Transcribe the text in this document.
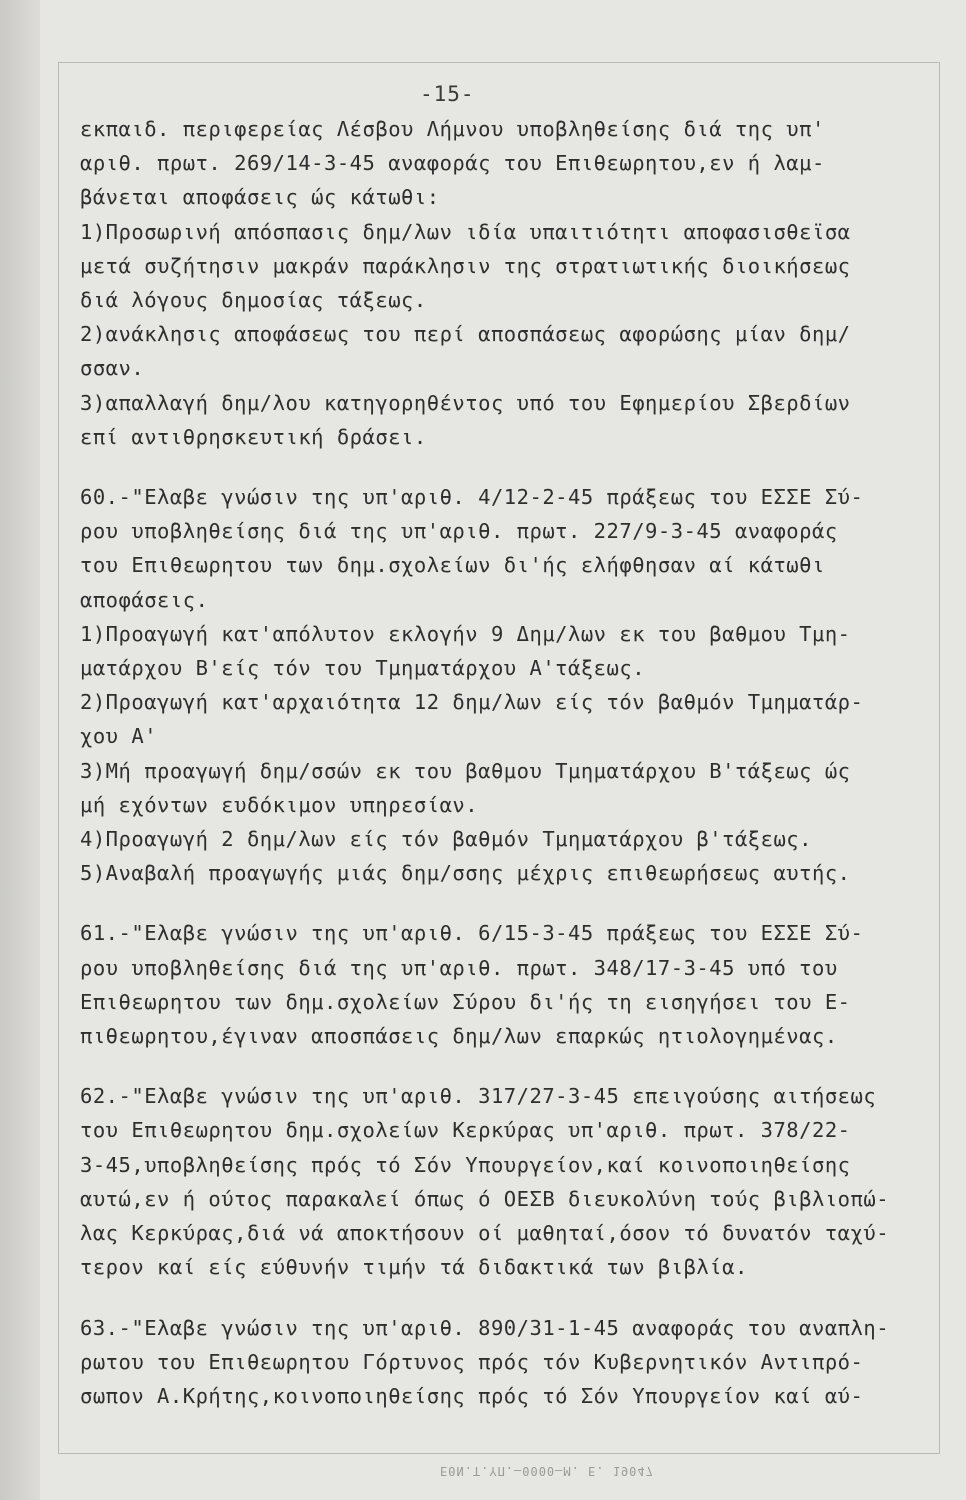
-15-
εκπαιδ. περιφερείας Λέσβου Λήμνου υποβληθείσης διά της υπ'
αριθ. πρωτ. 269/14-3-45 αναφοράς του Επιθεωρητου,εν ή λαμ-
βάνεται αποφάσεις ώς κάτωθι:
1)Προσωρινή απόσπασις δημ/λων ιδία υπαιτιότητι αποφασισθεϊσα
μετά συζήτησιν μακράν παράκλησιν της στρατιωτικής διοικήσεως
διά λόγους δημοσίας τάξεως.
2)ανάκλησις αποφάσεως του περί αποσπάσεως αφορώσης μίαν δημ/
σσαν.
3)απαλλαγή δημ/λου κατηγορηθέντος υπό του Εφημερίου Σβερδίων
επί αντιθρησκευτική δράσει.
60.-"Ελαβε γνώσιν της υπ'αριθ. 4/12-2-45 πράξεως του ΕΣΣΕ Σύ-
ρου υποβληθείσης διά της υπ'αριθ. πρωτ. 227/9-3-45 αναφοράς
του Επιθεωρητου των δημ.σχολείων δι'ής ελήφθησαν αί κάτωθι
αποφάσεις.
1)Προαγωγή κατ'απόλυτον εκλογήν 9 Δημ/λων εκ του βαθμου Τμη-
ματάρχου Β'είς τόν του Τμηματάρχου Α'τάξεως.
2)Προαγωγή κατ'αρχαιότητα 12 δημ/λων είς τόν βαθμόν Τμηματάρ-
χου Α'
3)Μή προαγωγή δημ/σσών εκ του βαθμου Τμηματάρχου Β'τάξεως ώς
μή εχόντων ευδόκιμον υπηρεσίαν.
4)Προαγωγή 2 δημ/λων είς τόν βαθμόν Τμηματάρχου β'τάξεως.
5)Αναβαλή προαγωγής μιάς δημ/σσης μέχρις επιθεωρήσεως αυτής.
61.-"Ελαβε γνώσιν της υπ'αριθ. 6/15-3-45 πράξεως του ΕΣΣΕ Σύ-
ρου υποβληθείσης διά της υπ'αριθ. πρωτ. 348/17-3-45 υπό του
Επιθεωρητου των δημ.σχολείων Σύρου δι'ής τη εισηγήσει του Ε-
πιθεωρητου,έγιναν αποσπάσεις δημ/λων επαρκώς ητιολογημένας.
62.-"Ελαβε γνώσιν της υπ'αριθ. 317/27-3-45 επειγούσης αιτήσεως
του Επιθεωρητου δημ.σχολείων Κερκύρας υπ'αριθ. πρωτ. 378/22-
3-45,υποβληθείσης πρός τό Σόν Υπουργείον,καί κοινοποιηθείσης
αυτώ,εν ή ούτος παρακαλεί όπως ό ΟΕΣΒ διευκολύνη τούς βιβλιοπώ-
λας Κερκύρας,διά νά αποκτήσουν οί μαθηταί,όσον τό δυνατόν ταχύ-
τερον καί είς εύθυνήν τιμήν τά διδακτικά των βιβλία.
63.-"Ελαβε γνώσιν της υπ'αριθ. 890/31-1-45 αναφοράς του αναπλη-
ρωτου του Επιθεωρητου Γόρτυνος πρός τόν Κυβερνητικόν Αντιπρό-
σωπον Α.Κρήτης,κοινοποιηθείσης πρός τό Σόν Υπουργείον καί αύ-
ΕΘΝ.Τ.ΥΠ.—0000—Μ. Ε. 19047
